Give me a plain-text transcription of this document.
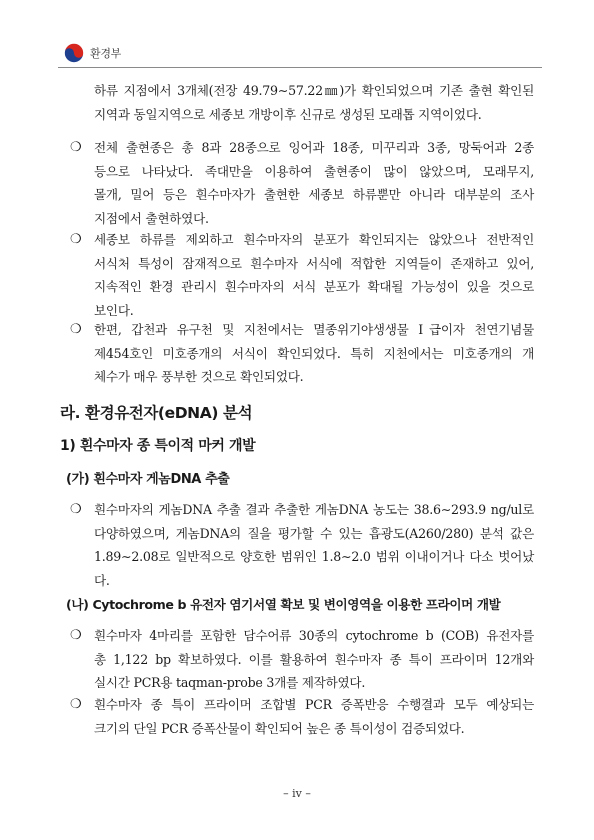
환경부
하류 지점에서 3개체(전장 49.79∼57.22㎜)가 확인되었으며 기존 출현 확인된
지역과 동일지역으로 세종보 개방이후 신규로 생성된 모래톱 지역이었다.
❍ 전체 출현종은 총 8과 28종으로 잉어과 18종, 미꾸리과 3종, 망둑어과 2종
등으로 나타났다. 족대만을 이용하여 출현종이 많이 않았으며, 모래무지,
몰개, 밀어 등은 흰수마자가 출현한 세종보 하류뿐만 아니라 대부분의 조사
지점에서 출현하였다.
❍ 세종보 하류를 제외하고 흰수마자의 분포가 확인되지는 않았으나 전반적인
서식처 특성이 잠재적으로 흰수마자 서식에 적합한 지역들이 존재하고 있어,
지속적인 환경 관리시 흰수마자의 서식 분포가 확대될 가능성이 있을 것으로
보인다.
❍ 한편, 갑천과 유구천 및 지천에서는 멸종위기야생생물 Ⅰ급이자 천연기념물
제454호인 미호종개의 서식이 확인되었다. 특히 지천에서는 미호종개의 개
체수가 매우 풍부한 것으로 확인되었다.
라. 환경유전자(eDNA) 분석
1) 흰수마자 종 특이적 마커 개발
(가) 흰수마자 게놈DNA 추출
❍ 흰수마자의 게놈DNA 추출 결과 추출한 게놈DNA 농도는 38.6∼293.9 ng/ul로
다양하였으며, 게놈DNA의 질을 평가할 수 있는 흡광도(A260/280) 분석 값은
1.89∼2.08로 일반적으로 양호한 범위인 1.8∼2.0 범위 이내이거나 다소 벗어났
다.
(나) Cytochrome b 유전자 염기서열 확보 및 변이영역을 이용한 프라이머 개발
❍ 흰수마자 4마리를 포함한 담수어류 30종의 cytochrome b (COB) 유전자를
총 1,122 bp 확보하였다. 이를 활용하여 흰수마자 종 특이 프라이머 12개와
실시간 PCR용 taqman-probe 3개를 제작하였다.
❍ 흰수마자 종 특이 프라이머 조합별 PCR 증폭반응 수행결과 모두 예상되는
크기의 단일 PCR 증폭산물이 확인되어 높은 종 특이성이 검증되었다.
– iv –
